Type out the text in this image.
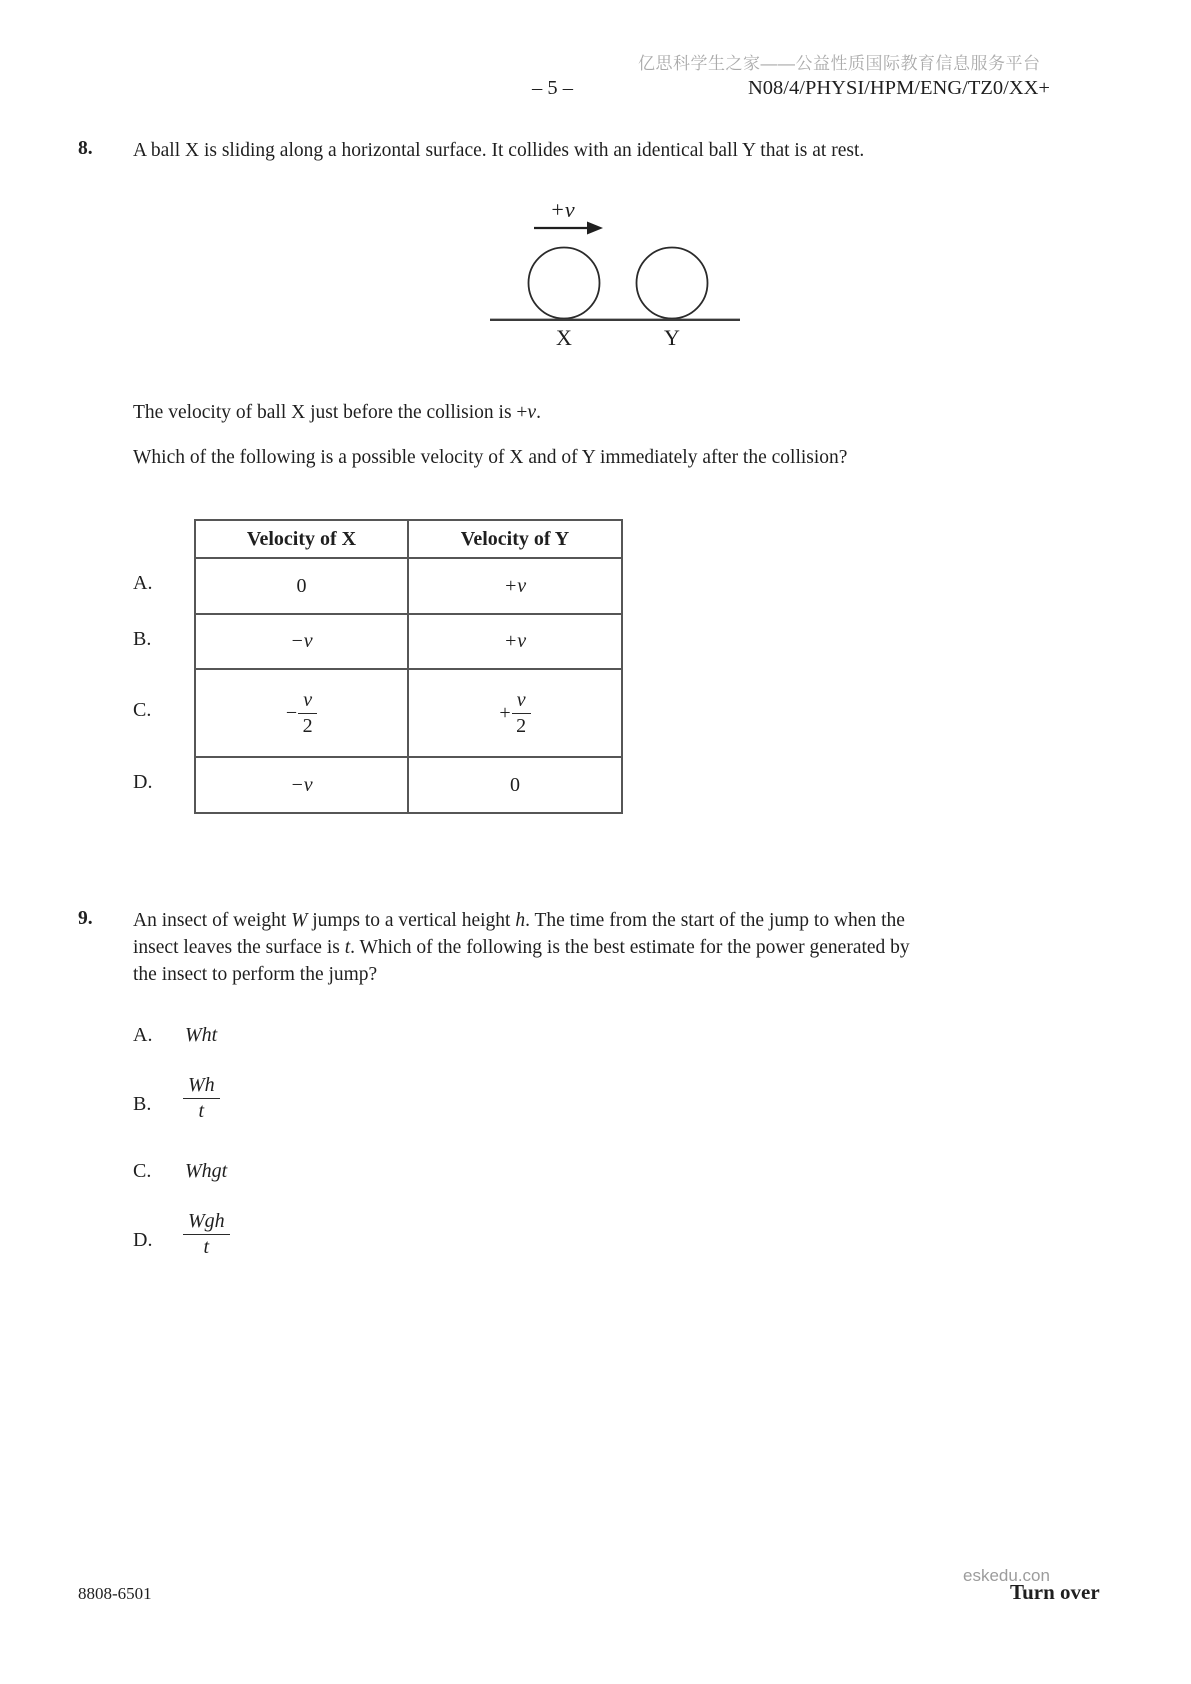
亿思科学生之家——公益性质国际教育信息服务平台
– 5 –	N08/4/PHYSI/HPM/ENG/TZ0/XX+
8. A ball X is sliding along a horizontal surface. It collides with an identical ball Y that is at rest.
+v
X	Y
The velocity of ball X just before the collision is +v.
Which of the following is a possible velocity of X and of Y immediately after the collision?
A.
B.
C.
D.
Velocity of X	Velocity of Y
0	+v
−v	+v
− $\frac{v}{2}$	+ $\frac{v}{2}$

−v	0
9. An insect of weight W jumps to a vertical height h. The time from the start of the jump to when the
insect leaves the surface is t. Which of the following is the best estimate for the power generated by
the insect to perform the jump?
A. Wht
B. $\frac{Wh}{t}$
C. Whgt
D.
Wgh
t
8808-6501
eskedu.con
Turn over
